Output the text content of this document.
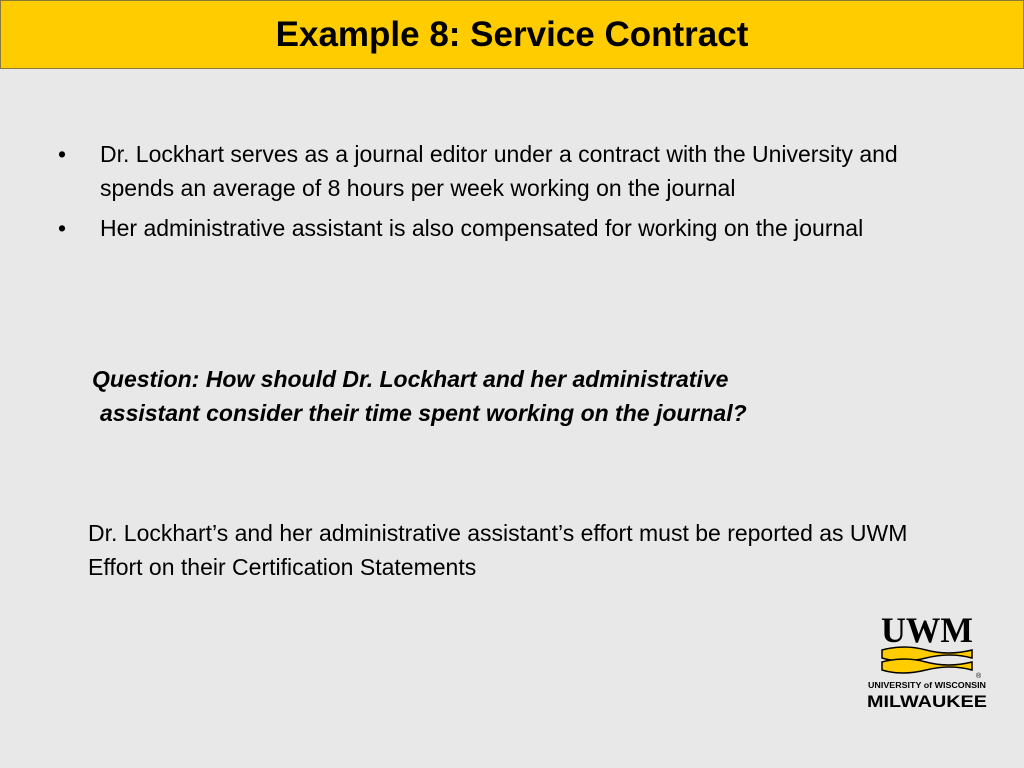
Example 8: Service Contract
• Dr. Lockhart serves as a journal editor under a contract with the University and spends an average of 8 hours per week working on the journal
• Her administrative assistant is also compensated for working on the journal
Question: How should Dr. Lockhart and her administrative
assistant consider their time spent working on the journal?
Dr. Lockhart’s and her administrative assistant’s effort must be reported as UWM Effort on their Certification Statements
UWM
®
UNIVERSITY of WISCONSIN
MILWAUKEE
